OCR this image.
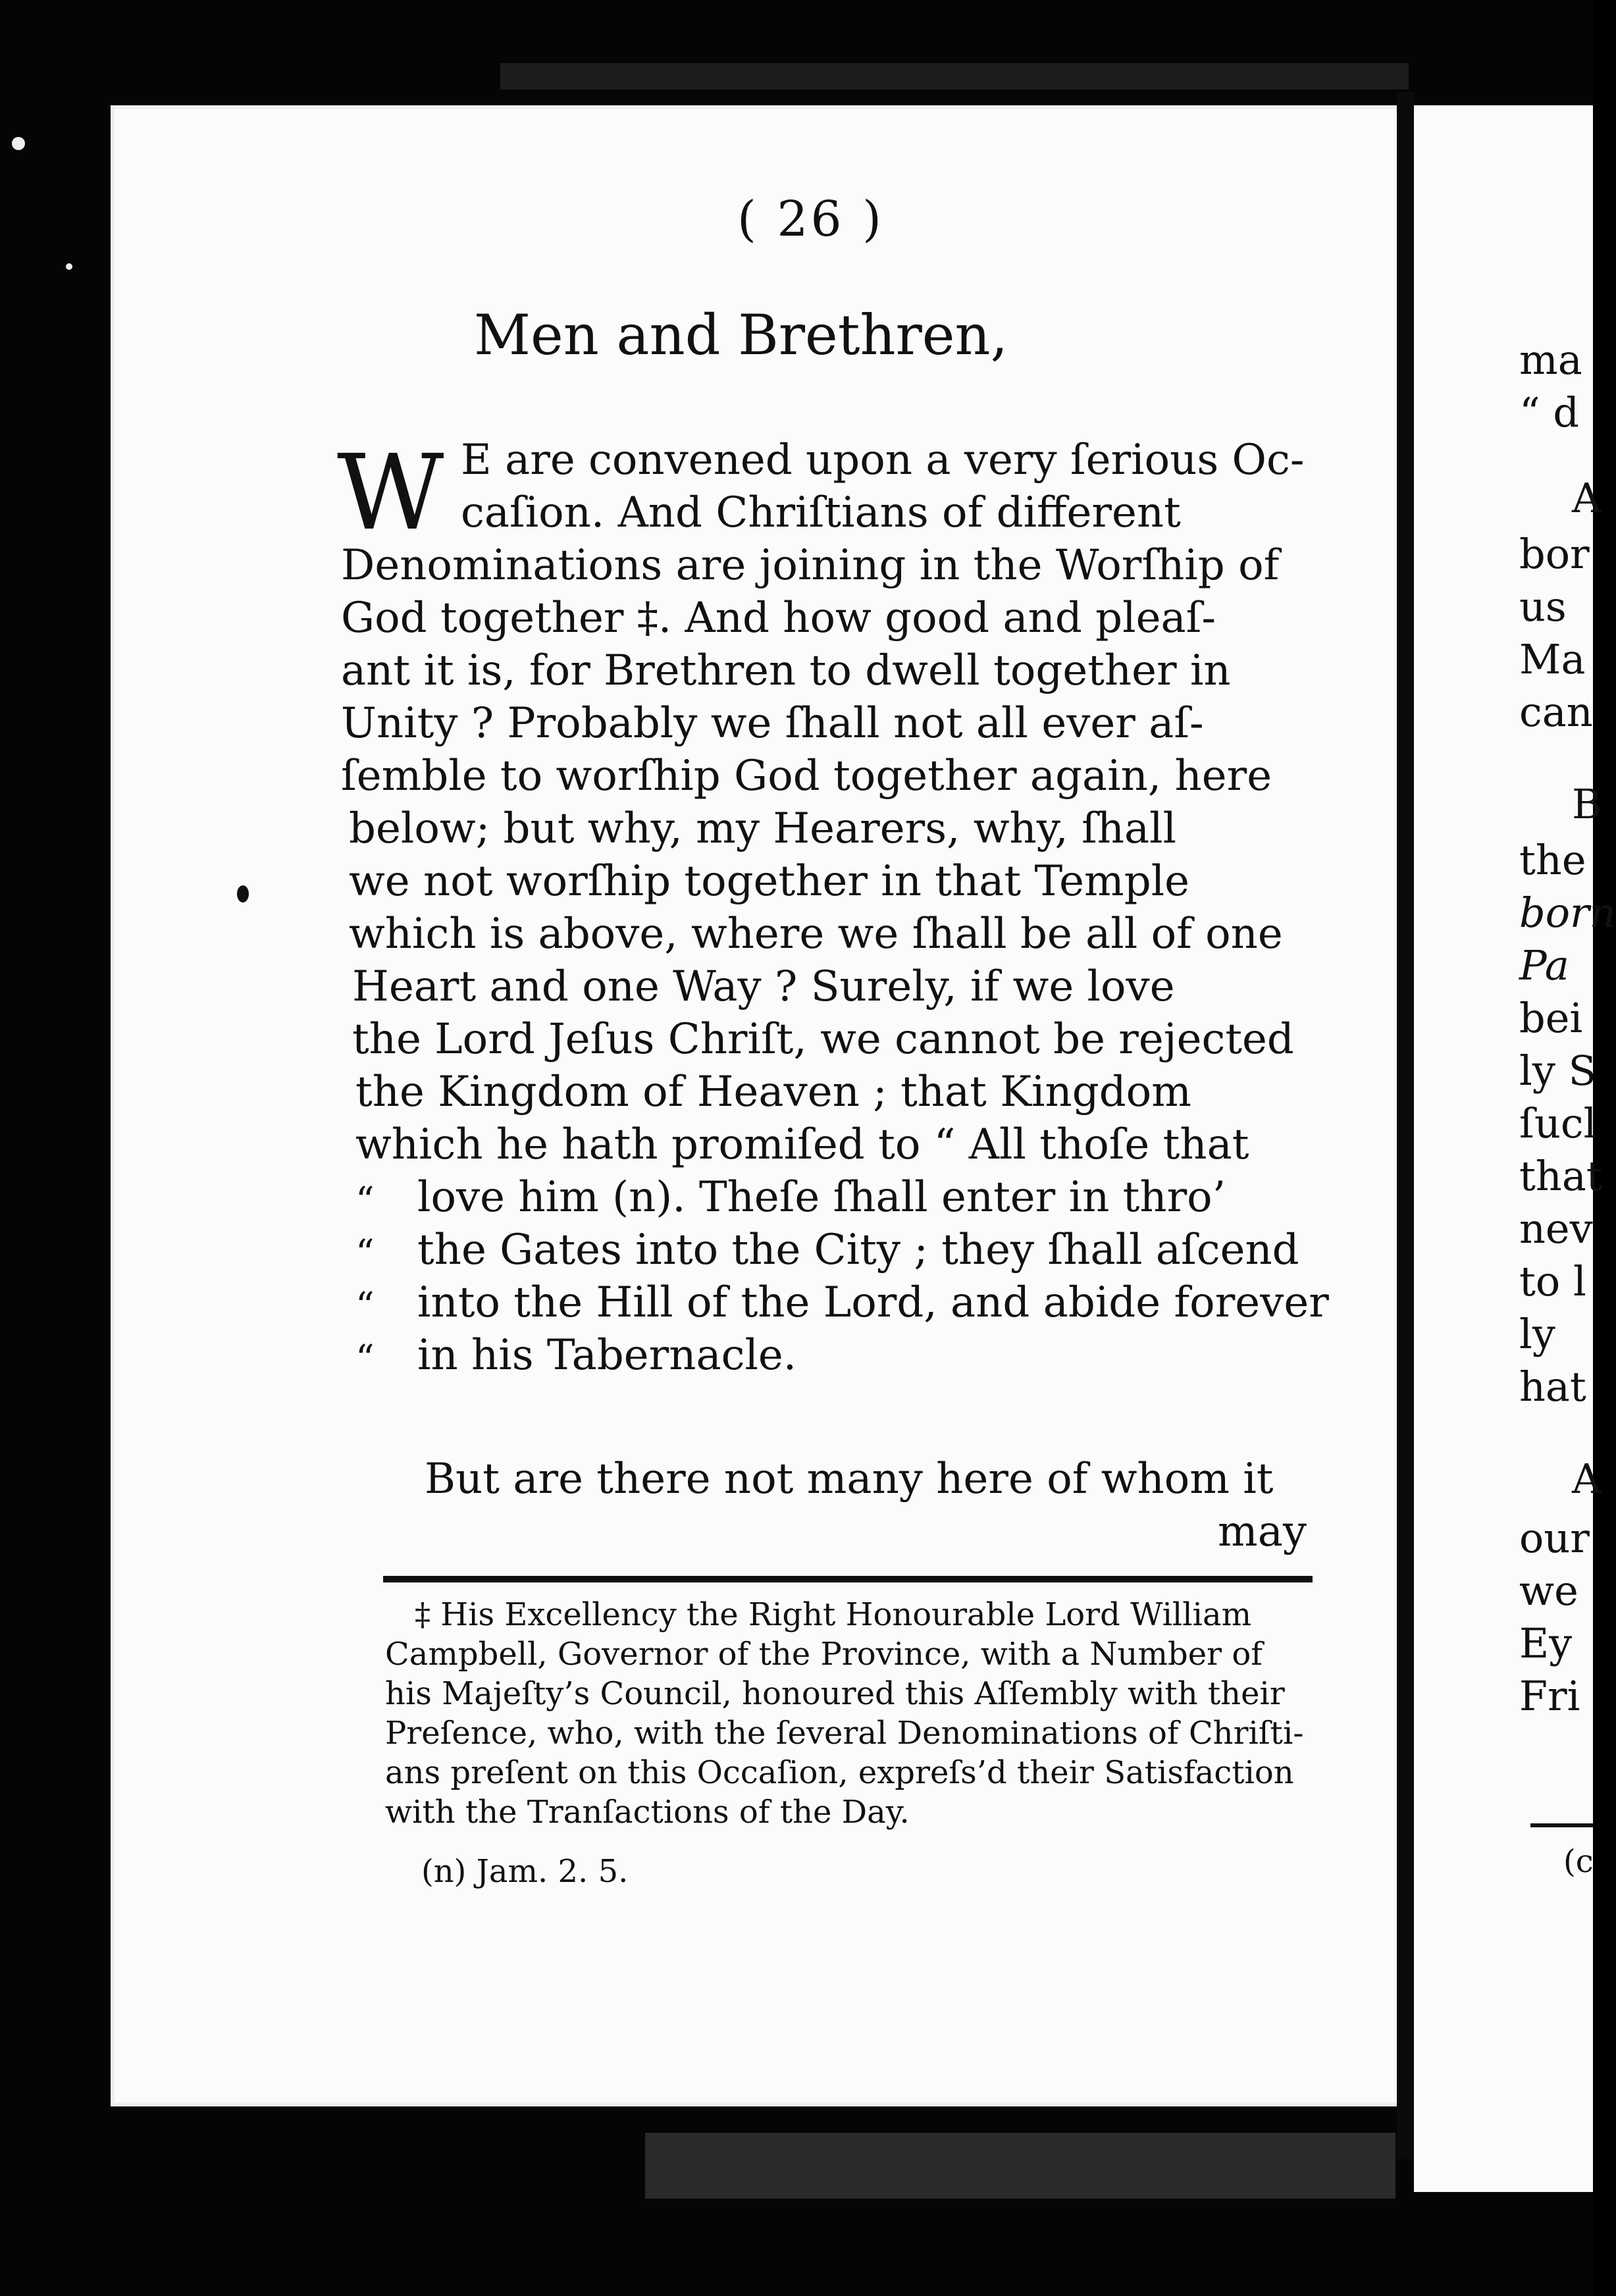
( 26 )
Men and Brethren,
W E are convened upon a very ſerious Oc-
caſion. And Chriſtians of different
Denominations are joining in the Worſhip of
God together ‡. And how good and pleaſ-
ant it is, for Brethren to dwell together in
Unity ? Probably we ſhall not all ever aſ-
ſemble to worſhip God together again, here
below; but why, my Hearers, why, ſhall
we not worſhip together in that Temple
which is above, where we ſhall be all of one
Heart and one Way ? Surely, if we love
the Lord Jeſus Chriſt, we cannot be rejected
the Kingdom of Heaven ; that Kingdom
which he hath promiſed to “ All thoſe that
“ love him (n). Theſe ſhall enter in thro’
“ the Gates into the City ; they ſhall aſcend
“ into the Hill of the Lord, and abide forever
“ in his Tabernacle.
But are there not many here of whom it
may
‡ His Excellency the Right Honourable Lord William
Campbell, Governor of the Province, with a Number of
his Majeſty’s Council, honoured this Aſſembly with their
Preſence, who, with the ſeveral Denominations of Chriſti-
ans preſent on this Occaſion, expreſs’d their Satisfaction
with the Tranſactions of the Day.
(n) Jam. 2. 5.
ma
“ d
A
bor
us
Ma
can
B
the
born
Pa
bei
ly S
ſucl
that
nev
to l
ly
hat
A
our
we
Ey
Fri
(c
